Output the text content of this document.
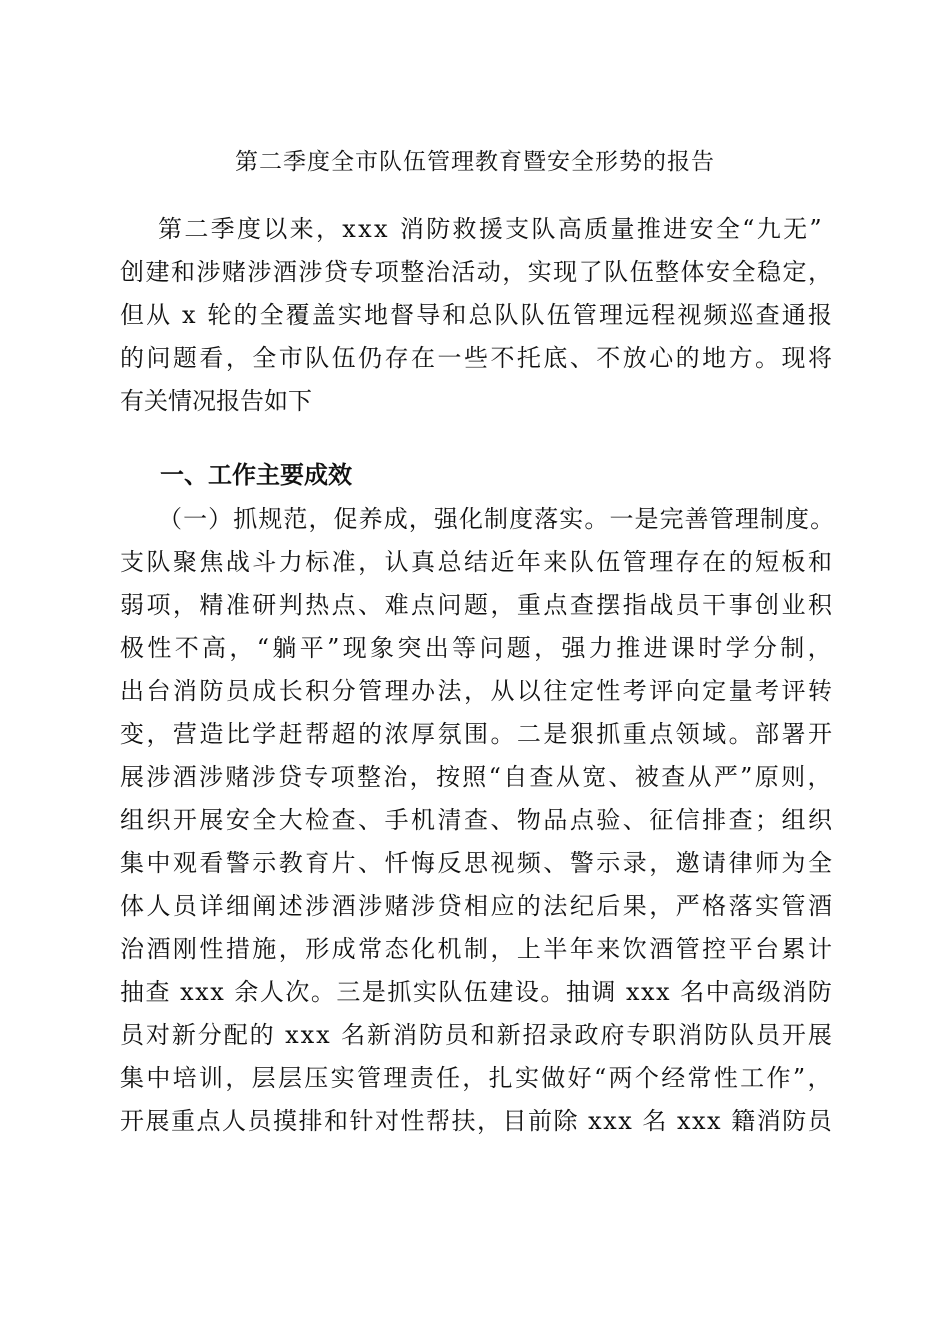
第二季度全市队伍管理教育暨安全形势的报告
第二季度以来，xxx 消防救援支队高质量推进安全“九无”
创建和涉赌涉酒涉贷专项整治活动，实现了队伍整体安全稳定，
但从 x 轮的全覆盖实地督导和总队队伍管理远程视频巡查通报
的问题看，全市队伍仍存在一些不托底、不放心的地方。现将
有关情况报告如下
一、工作主要成效
（一）抓规范，促养成，强化制度落实。一是完善管理制度。
支队聚焦战斗力标准，认真总结近年来队伍管理存在的短板和
弱项，精准研判热点、难点问题，重点查摆指战员干事创业积
极性不高，“躺平”现象突出等问题，强力推进课时学分制，
出台消防员成长积分管理办法，从以往定性考评向定量考评转
变，营造比学赶帮超的浓厚氛围。二是狠抓重点领域。部署开
展涉酒涉赌涉贷专项整治，按照“自查从宽、被查从严”原则，
组织开展安全大检查、手机清查、物品点验、征信排查；组织
集中观看警示教育片、忏悔反思视频、警示录，邀请律师为全
体人员详细阐述涉酒涉赌涉贷相应的法纪后果，严格落实管酒
治酒刚性措施，形成常态化机制，上半年来饮酒管控平台累计
抽查 xxx 余人次。三是抓实队伍建设。抽调 xxx 名中高级消防
员对新分配的 xxx 名新消防员和新招录政府专职消防队员开展
集中培训，层层压实管理责任，扎实做好“两个经常性工作”，
开展重点人员摸排和针对性帮扶，目前除 xxx 名 xxx 籍消防员
